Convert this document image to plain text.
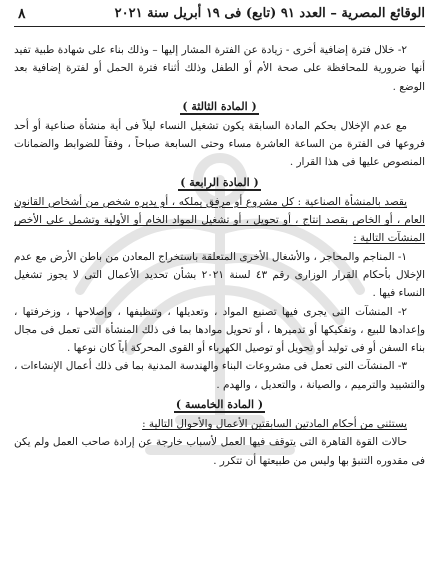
الوقائع المصرية – العدد ٩١ (تابع) فى ١٩ أبريل سنة ٢٠٢١
٨

٢- خلال فترة إضافية أخرى - زيادة عن الفترة المشار إليها – وذلك بناء على شهادة طبية تفيد أنها ضرورية للمحافظة على صحة الأم أو الطفل وذلك أثناء فترة الحمل أو لفترة إضافية بعد الوضع .

( المادة الثالثة )

مع عدم الإخلال بحكم المادة السابقة يكون تشغيل النساء ليلاً فى أية منشأة صناعية أو أحد فروعها فى الفترة من الساعة العاشرة مساء وحتى السابعة صباحاً ، وفقاً للضوابط والضمانات المنصوص عليها فى هذا القرار .

( المادة الرابعة )

يقصد بالمنشأة الصناعية : كل مشروع أو مرفق يملكه ، أو يديره شخص من أشخاص القانون العام ، أو الخاص بقصد إنتاج ، أو تحويل ، أو تشغيل المواد الخام أو الأولية وتشمل على الأخص المنشآت التالية :

١- المناجم والمحاجر ، والأشغال الأخرى المتعلقة باستخراج المعادن من باطن الأرض مع عدم الإخلال بأحكام القرار الوزارى رقم ٤٣ لسنة ٢٠٢١ بشأن تحديد الأعمال التى لا يجوز تشغيل النساء فيها .

٢- المنشآت التى يجرى فيها تصنيع المواد ، وتعديلها ، وتنظيفها ، وإصلاحها ، وزخرفتها ، وإعدادها للبيع ، وتفكيكها أو تدميرها ، أو تحويل موادها بما فى ذلك المنشأة التى تعمل فى مجال بناء السفن أو فى توليد أو تحويل أو توصيل الكهرباء أو القوى المحركة أياً كان نوعها .

٣- المنشآت التى تعمل فى مشروعات البناء والهندسة المدنية بما فى ذلك أعمال الإنشاءات ، والتشييد والترميم ، والصيانة ، والتعديل ، والهدم .

( المادة الخامسة )

يستثنى من أحكام المادتين السابقتين الأعمال والأحوال التالية :

حالات القوة القاهرة التى يتوقف فيها العمل لأسباب خارجة عن إرادة صاحب العمل ولم يكن فى مقدوره التنبؤ بها وليس من طبيعتها أن تتكرر .
